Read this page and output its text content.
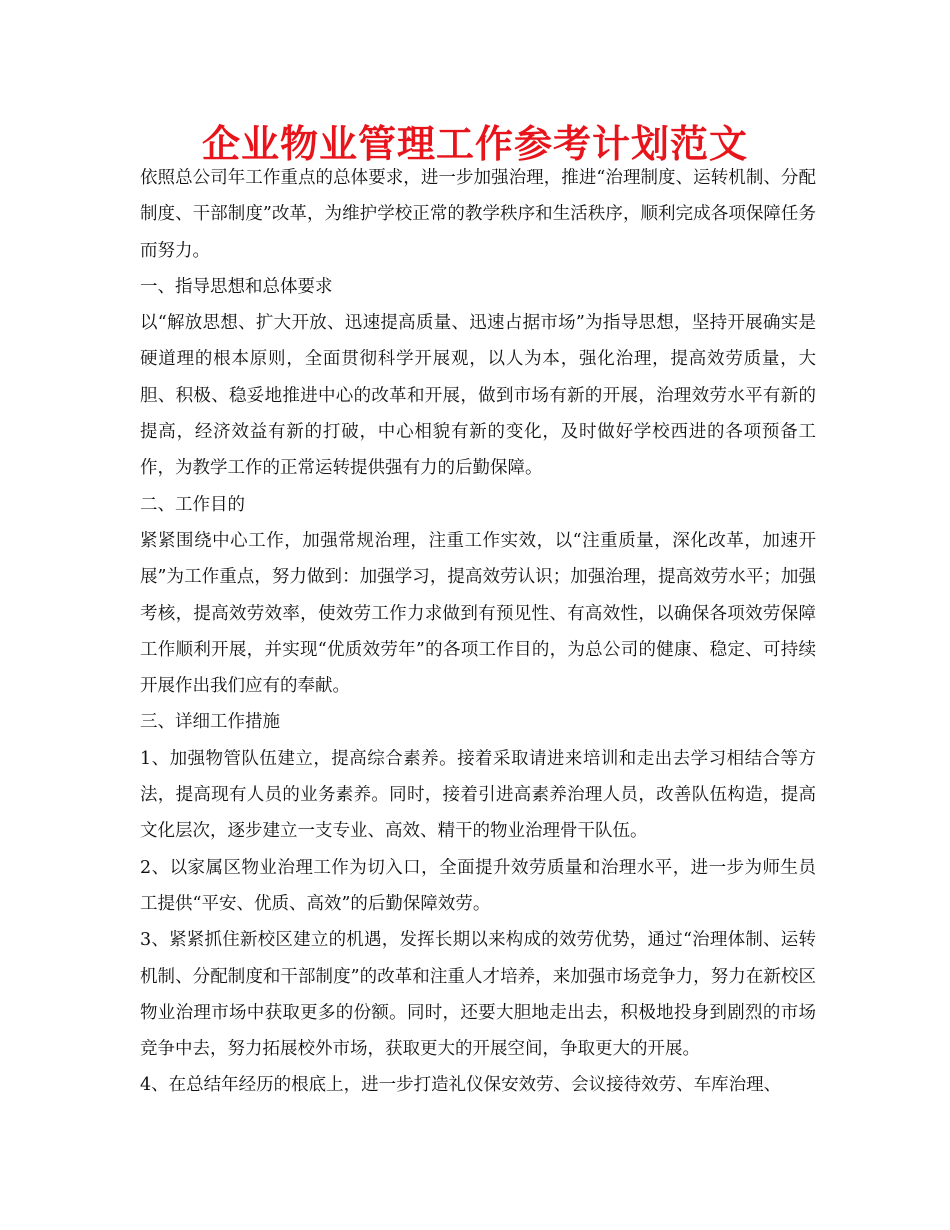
企业物业管理工作参考计划范文

依照总公司年工作重点的总体要求，进一步加强治理，推进“治理制度、运转机制、分配制度、干部制度”改革，为维护学校正常的教学秩序和生活秩序，顺利完成各项保障任务而努力。

一、指导思想和总体要求

以“解放思想、扩大开放、迅速提高质量、迅速占据市场”为指导思想，坚持开展确实是硬道理的根本原则，全面贯彻科学开展观，以人为本，强化治理，提高效劳质量，大胆、积极、稳妥地推进中心的改革和开展，做到市场有新的开展，治理效劳水平有新的提高，经济效益有新的打破，中心相貌有新的变化，及时做好学校西进的各项预备工作，为教学工作的正常运转提供强有力的后勤保障。

二、工作目的

紧紧围绕中心工作，加强常规治理，注重工作实效，以“注重质量，深化改革，加速开展”为工作重点，努力做到：加强学习，提高效劳认识；加强治理，提高效劳水平；加强考核，提高效劳效率，使效劳工作力求做到有预见性、有高效性，以确保各项效劳保障工作顺利开展，并实现“优质效劳年”的各项工作目的，为总公司的健康、稳定、可持续开展作出我们应有的奉献。

三、详细工作措施

1、加强物管队伍建立，提高综合素养。接着采取请进来培训和走出去学习相结合等方法，提高现有人员的业务素养。同时，接着引进高素养治理人员，改善队伍构造，提高文化层次，逐步建立一支专业、高效、精干的物业治理骨干队伍。

2、以家属区物业治理工作为切入口，全面提升效劳质量和治理水平，进一步为师生员工提供“平安、优质、高效”的后勤保障效劳。

3、紧紧抓住新校区建立的机遇，发挥长期以来构成的效劳优势，通过“治理体制、运转机制、分配制度和干部制度”的改革和注重人才培养，来加强市场竞争力，努力在新校区物业治理市场中获取更多的份额。同时，还要大胆地走出去，积极地投身到剧烈的市场竞争中去，努力拓展校外市场，获取更大的开展空间，争取更大的开展。

4、在总结年经历的根底上，进一步打造礼仪保安效劳、会议接待效劳、车库治理、
